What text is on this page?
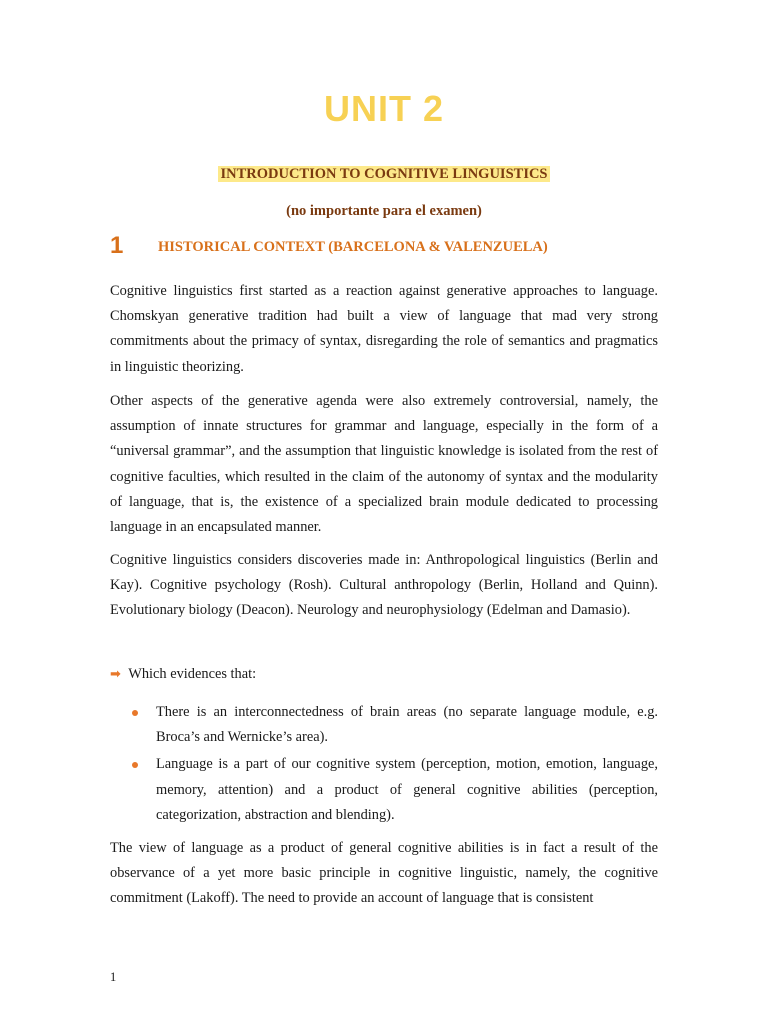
UNIT 2
INTRODUCTION TO COGNITIVE LINGUISTICS
(no importante para el examen)
1 HISTORICAL CONTEXT (BARCELONA & VALENZUELA)

Cognitive linguistics first started as a reaction against generative approaches to language. Chomskyan generative tradition had built a view of language that mad very strong commitments about the primacy of syntax, disregarding the role of semantics and pragmatics in linguistic theorizing.

Other aspects of the generative agenda were also extremely controversial, namely, the assumption of innate structures for grammar and language, especially in the form of a “universal grammar”, and the assumption that linguistic knowledge is isolated from the rest of cognitive faculties, which resulted in the claim of the autonomy of syntax and the modularity of language, that is, the existence of a specialized brain module dedicated to processing language in an encapsulated manner.

Cognitive linguistics considers discoveries made in: Anthropological linguistics (Berlin and Kay). Cognitive psychology (Rosh). Cultural anthropology (Berlin, Holland and Quinn). Evolutionary biology (Deacon). Neurology and neurophysiology (Edelman and Damasio).

➡ Which evidences that:
There is an interconnectedness of brain areas (no separate language module, e.g. Broca’s and Wernicke’s area).
Language is a part of our cognitive system (perception, motion, emotion, language, memory, attention) and a product of general cognitive abilities (perception, categorization, abstraction and blending).

The view of language as a product of general cognitive abilities is in fact a result of the observance of a yet more basic principle in cognitive linguistic, namely, the cognitive commitment (Lakoff). The need to provide an account of language that is consistent

1
